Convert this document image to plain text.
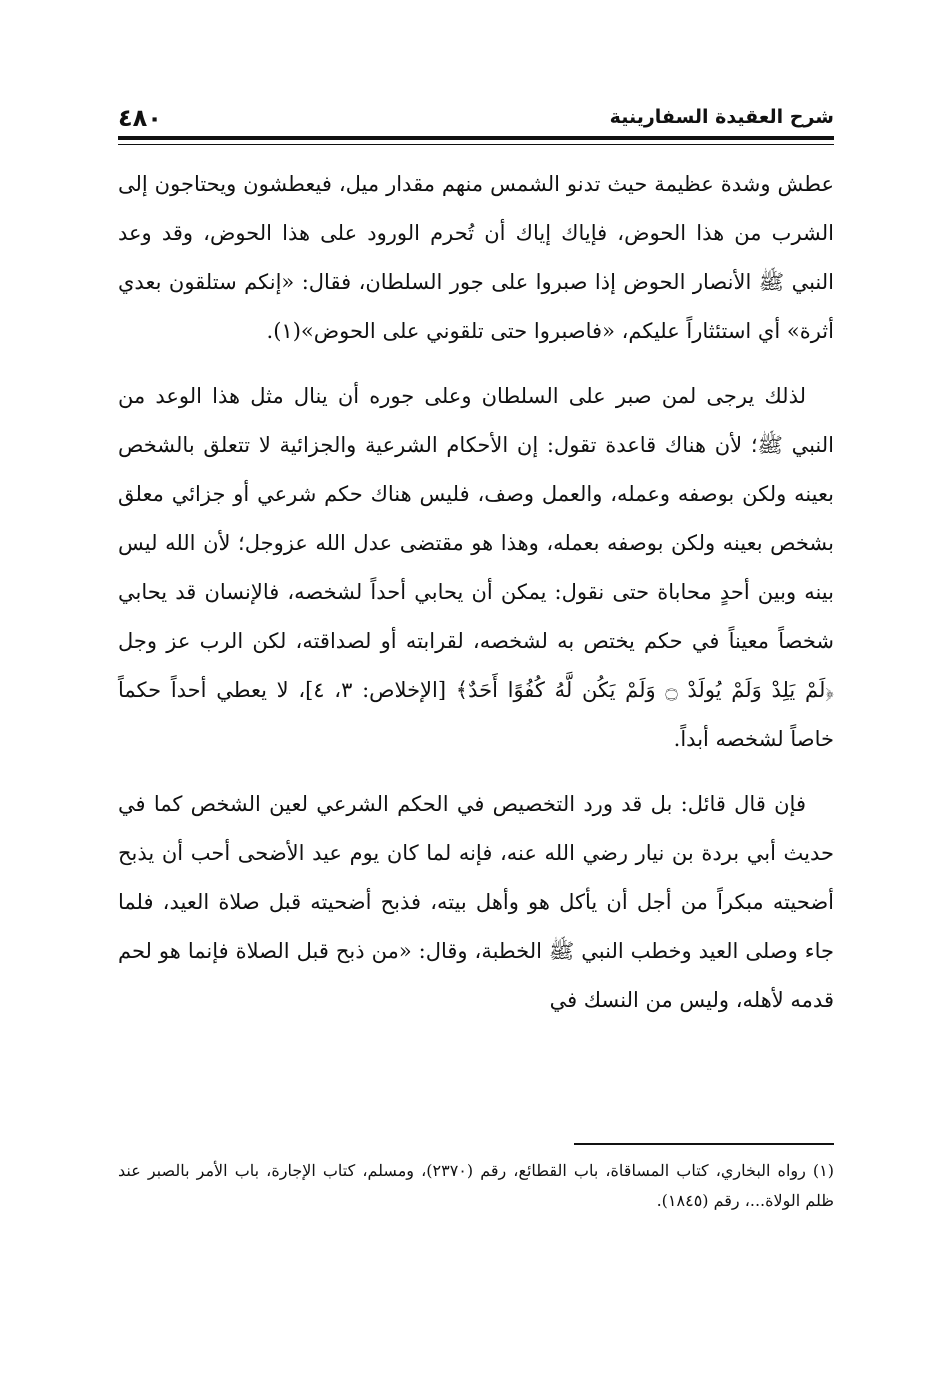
٤٨٠	شرح العقيدة السفارينية

عطش وشدة عظيمة حيث تدنو الشمس منهم مقدار ميل، فيعطشون ويحتاجون إلى الشرب من هذا الحوض، فإياك إياك أن تُحرم الورود على هذا الحوض، وقد وعد النبي ﷺ الأنصار الحوض إذا صبروا على جور السلطان، فقال: «إنكم ستلقون بعدي أثرة» أي استئثاراً عليكم، «فاصبروا حتى تلقوني على الحوض»(١).

لذلك يرجى لمن صبر على السلطان وعلى جوره أن ينال مثل هذا الوعد من النبي ﷺ؛ لأن هناك قاعدة تقول: إن الأحكام الشرعية والجزائية لا تتعلق بالشخص بعينه ولكن بوصفه وعمله، والعمل وصف، فليس هناك حكم شرعي أو جزائي معلق بشخص بعينه ولكن بوصفه بعمله، وهذا هو مقتضى عدل الله عزوجل؛ لأن الله ليس بينه وبين أحدٍ محاباة حتى نقول: يمكن أن يحابي أحداً لشخصه، فالإنسان قد يحابي شخصاً معيناً في حكم يختص به لشخصه، لقرابته أو لصداقته، لكن الرب عز وجل ﴿لَمْ يَلِدْ وَلَمْ يُولَدْ ۝ وَلَمْ يَكُن لَّهُ كُفُوًا أَحَدٌ﴾ [الإخلاص: ٣، ٤]، لا يعطي أحداً حكماً خاصاً لشخصه أبداً.

فإن قال قائل: بل قد ورد التخصيص في الحكم الشرعي لعين الشخص كما في حديث أبي بردة بن نيار رضي الله عنه، فإنه لما كان يوم عيد الأضحى أحب أن يذبح أضحيته مبكراً من أجل أن يأكل هو وأهل بيته، فذبح أضحيته قبل صلاة العيد، فلما جاء وصلى العيد وخطب النبي ﷺ الخطبة، وقال: «من ذبح قبل الصلاة فإنما هو لحم قدمه لأهله، وليس من النسك في

(١) رواه البخاري، كتاب المساقاة، باب القطائع، رقم (٢٣٧٠)، ومسلم، كتاب الإجارة، باب الأمر بالصبر عند ظلم الولاة...، رقم (١٨٤٥).
